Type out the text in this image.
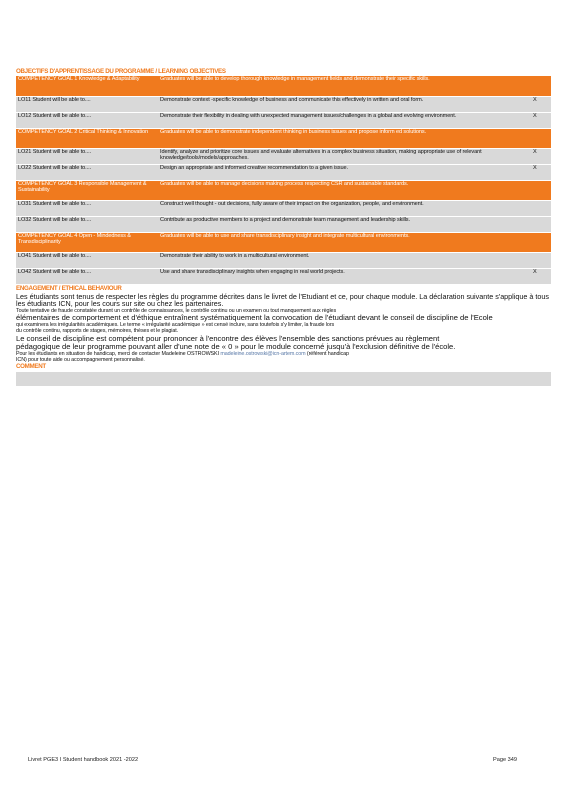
OBJECTIFS D'APPRENTISSAGE DU PROGRAMME / LEARNING OBJECTIVES
COMPETENCY GOAL 1 Knowledge & Adaptability	Graduates will be able to develop thorough knowledge in management fields and demonstrate their specific skills.	

LO11 Student will be able to....	Demonstrate context -specific knowledge of business and communicate this effectively in written and oral form.	X

LO12 Student will be able to....	Demonstrate their flexibility in dealing with unexpected management issues/challenges in a global and evolving environment.	X

COMPETENCY GOAL 2 Critical Thinking & Innovation	Graduates will be able to demonstrate independent thinking in business issues and propose inform ed solutions.	

LO21 Student will be able to....	Identify, analyze and prioritize core issues and evaluate alternatives in a complex business situation, making appropriate use of relevant knowledge/tools/models/approaches.	X

LO22 Student will be able to....	Design an appropriate and informed creative recommendation to a given issue.	X

COMPETENCY GOAL 3 Responsible Management & Sustainability	Graduates will be able to manage decisions making process respecting CSR and sustainable standards.	

LO31 Student will be able to....	Construct well thought - out decisions, fully aware of their impact on the organization, people, and environment.	

LO32 Student will be able to....	Contribute as productive members to a project and demonstrate team management and leadership skills.	

COMPETENCY GOAL 4 Open - Mindedness & Transdisciplinarity	Graduates will be able to use and share transdisciplinary insight and integrate multicultural environments.	

LO41 Student will be able to....	Demonstrate their ability to work in a multicultural environment.	

LO42 Student will be able to....	Use and share transdisciplinary insights when engaging in real world projects.	X
ENGAGEMENT / ETHICAL BEHAVIOUR
Les étudiants sont tenus de respecter les règles du programme décrites dans le livret de l'Etudiant et ce, pour chaque module. La déclaration suivante s'applique à tous les étudiants ICN, pour les cours sur site ou chez les partenaires.
Toute tentative de fraude constatée durant un contrôle de connaissances, le contrôle continu ou un examen ou tout manquement aux règles
élémentaires de comportement et d'éthique entraînent systématiquement la convocation de l'étudiant devant le conseil de discipline de l'Ecole
qui examinera les irrégularités académiques. Le terme « irrégularité académique » est censé inclure, sans toutefois s'y limiter, la fraude lors
du contrôle continu, rapports de stages, mémoires, thèses et le plagiat.
Le conseil de discipline est compétent pour prononcer à l'encontre des élèves l'ensemble des sanctions prévues au règlement
pédagogique de leur programme pouvant aller d'une note de « 0 » pour le module concerné jusqu'à l'exclusion définitive de l'école.
Pour les étudiants en situation de handicap, merci de contacter Madeleine OSTROWSKI madeleine.ostrowski@icn-artem.com (référent handicap
ICN) pour toute aide ou accompagnement personnalisé.
COMMENT
Livret PGE3 I Student handbook 2021 -2022	Page 349
